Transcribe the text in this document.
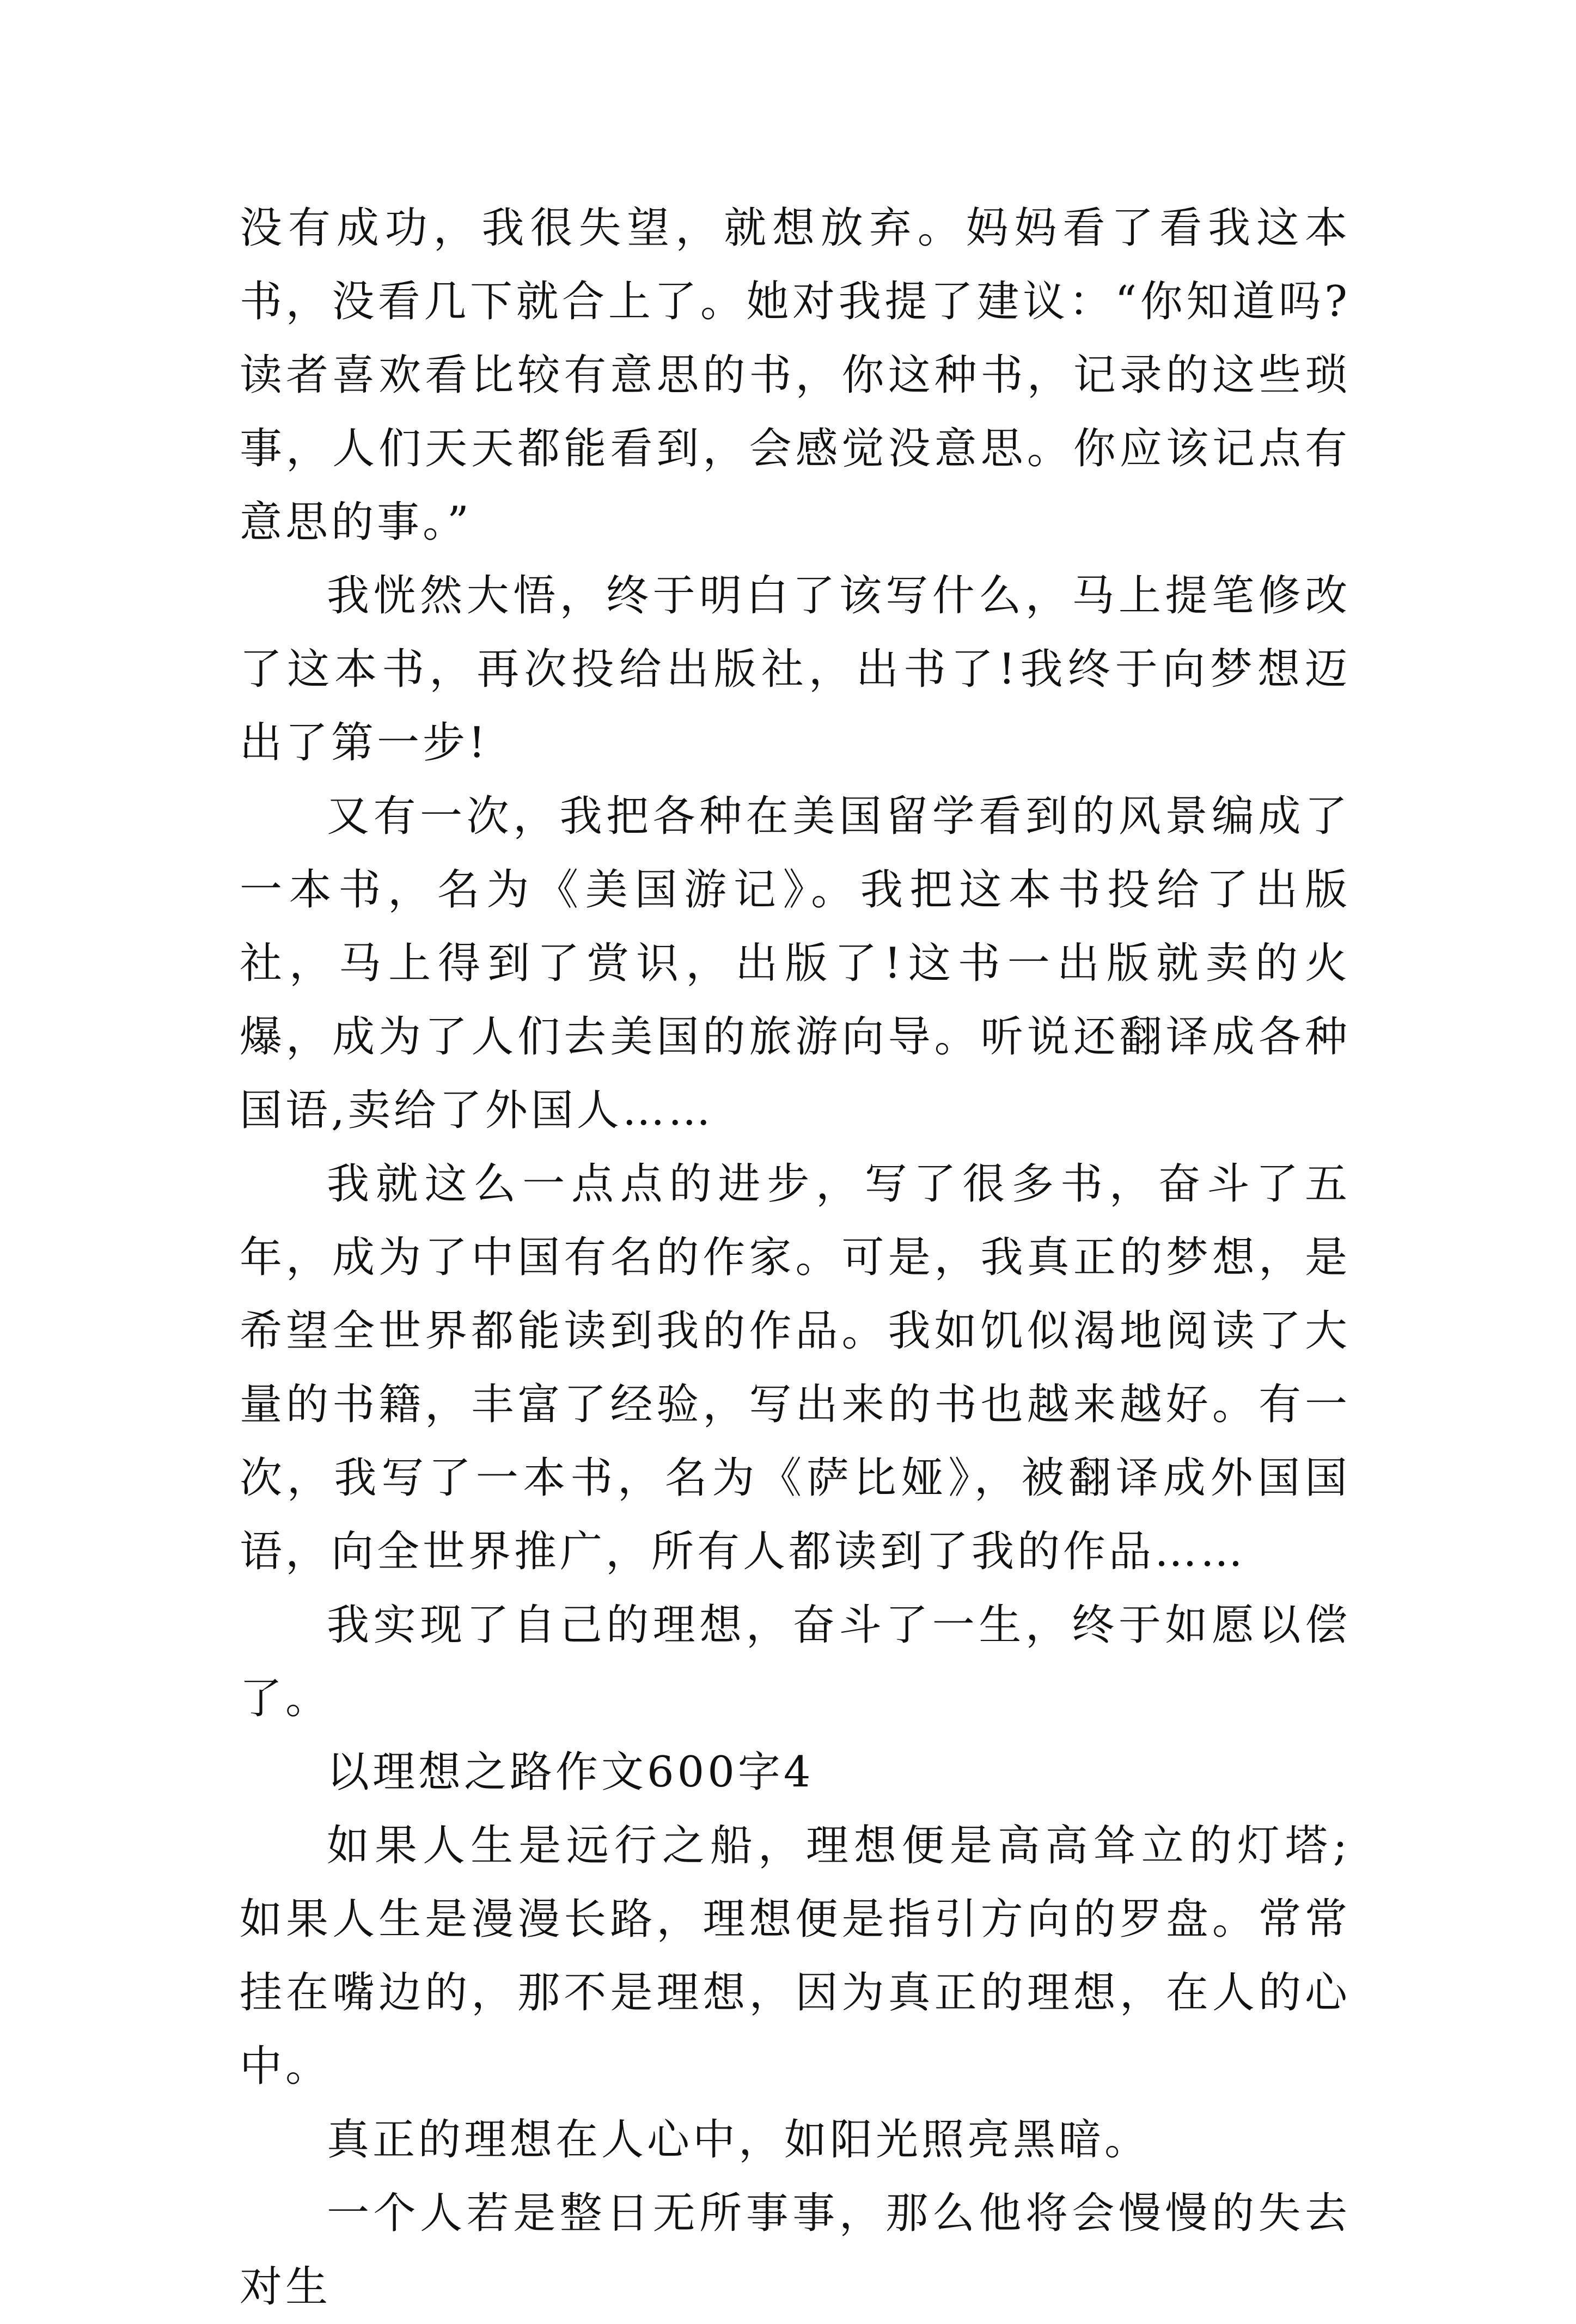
没有成功，我很失望，就想放弃。妈妈看了看我这本书，没看几下就合上了。她对我提了建议：“你知道吗?读者喜欢看比较有意思的书，你这种书，记录的这些琐事，人们天天都能看到，会感觉没意思。你应该记点有意思的事。”

我恍然大悟，终于明白了该写什么，马上提笔修改了这本书，再次投给出版社，出书了!我终于向梦想迈出了第一步!

又有一次，我把各种在美国留学看到的风景编成了一本书，名为《美国游记》。我把这本书投给了出版社，马上得到了赏识，出版了!这书一出版就卖的火爆，成为了人们去美国的旅游向导。听说还翻译成各种国语,卖给了外国人……

我就这么一点点的进步，写了很多书，奋斗了五年，成为了中国有名的作家。可是，我真正的梦想，是希望全世界都能读到我的作品。我如饥似渴地阅读了大量的书籍，丰富了经验，写出来的书也越来越好。有一次，我写了一本书，名为《萨比娅》，被翻译成外国国语，向全世界推广，所有人都读到了我的作品……

我实现了自己的理想，奋斗了一生，终于如愿以偿了。

以理想之路作文600字4

如果人生是远行之船，理想便是高高耸立的灯塔;如果人生是漫漫长路，理想便是指引方向的罗盘。常常挂在嘴边的，那不是理想，因为真正的理想，在人的心中。

真正的理想在人心中，如阳光照亮黑暗。

一个人若是整日无所事事，那么他将会慢慢的失去对生
